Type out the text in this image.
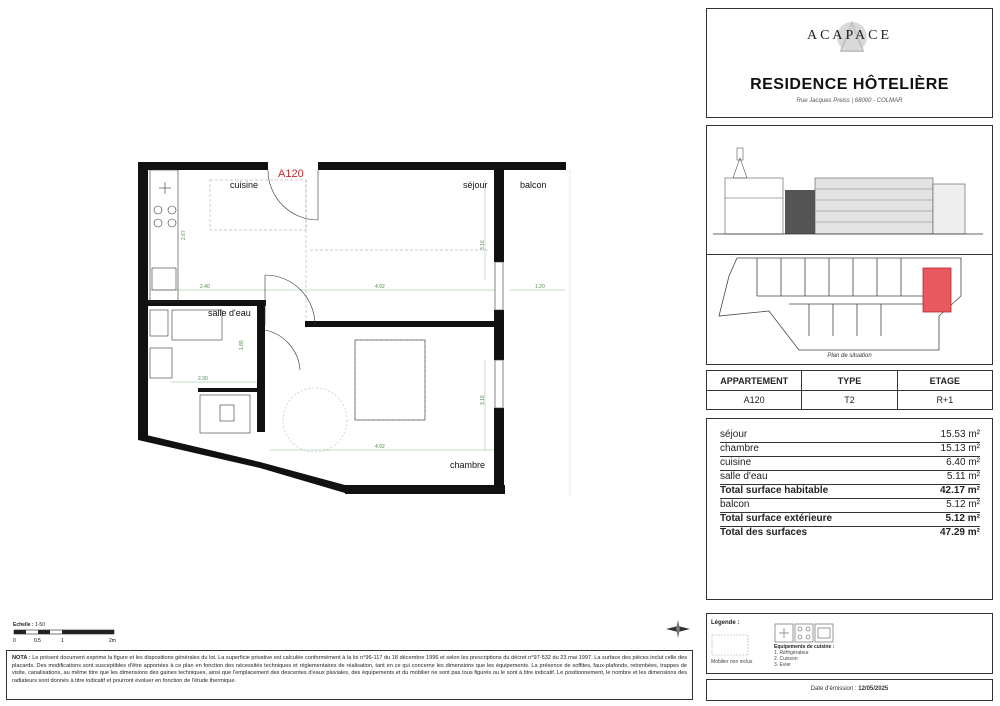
A120
cuisine	séjour	balcon
salle d'eau
chambre
2.67
2.40	4.92	1.20
3.16
1.85
2.30
4.92
3.16
ACAPACE
RESIDENCE HÔTELIÈRE
Rue Jacques Preiss | 68000 - COLMAR
Plan de situation
APPARTEMENT	TYPE	ETAGE
A120	T2	R+1
séjour	15.53 m²
chambre	15.13 m²
cuisine	6.40 m²
salle d'eau	5.11 m²
Total surface habitable	42.17 m²
balcon	5.12 m²
Total surface extérieure	5.12 m²
Total des surfaces	47.29 m²
Légende :
Mobilier non inclus
Equipements de cuisine :
1. Réfrigérateur
2. Cuisson
3. Evier
Date d'émission : 12/05/2025
Echelle : 1-50
0	0.5	1	2m
NOTA : Le présent document exprime la figure et les dispositions générales du lot. La superficie privative est calculée conformément à la loi n°96-117 du 18 décembre 1996 et selon les prescriptions du décret n°97-532 du 23 mai 1997. La surface des pièces inclut celle des placards. Des modifications sont susceptibles d'être apportées à ce plan en fonction des nécessités techniques et réglementaires de réalisation, tant en ce qui concerne les dimensions que les équipements. La présence de soffites, faux-plafonds, retombées, trappes de visite, canalisations, au même titre que les dimensions des gaines techniques, ainsi que l'emplacement des descentes d'eaux pluviales, des équipements et du mobilier ne sont pas tous figurés ou le sont à titre indicatif. Le positionnement, le nombre et les dimensions des radiateurs sont donnés à titre indicatif et pourront évoluer en fonction de l'étude thermique.
